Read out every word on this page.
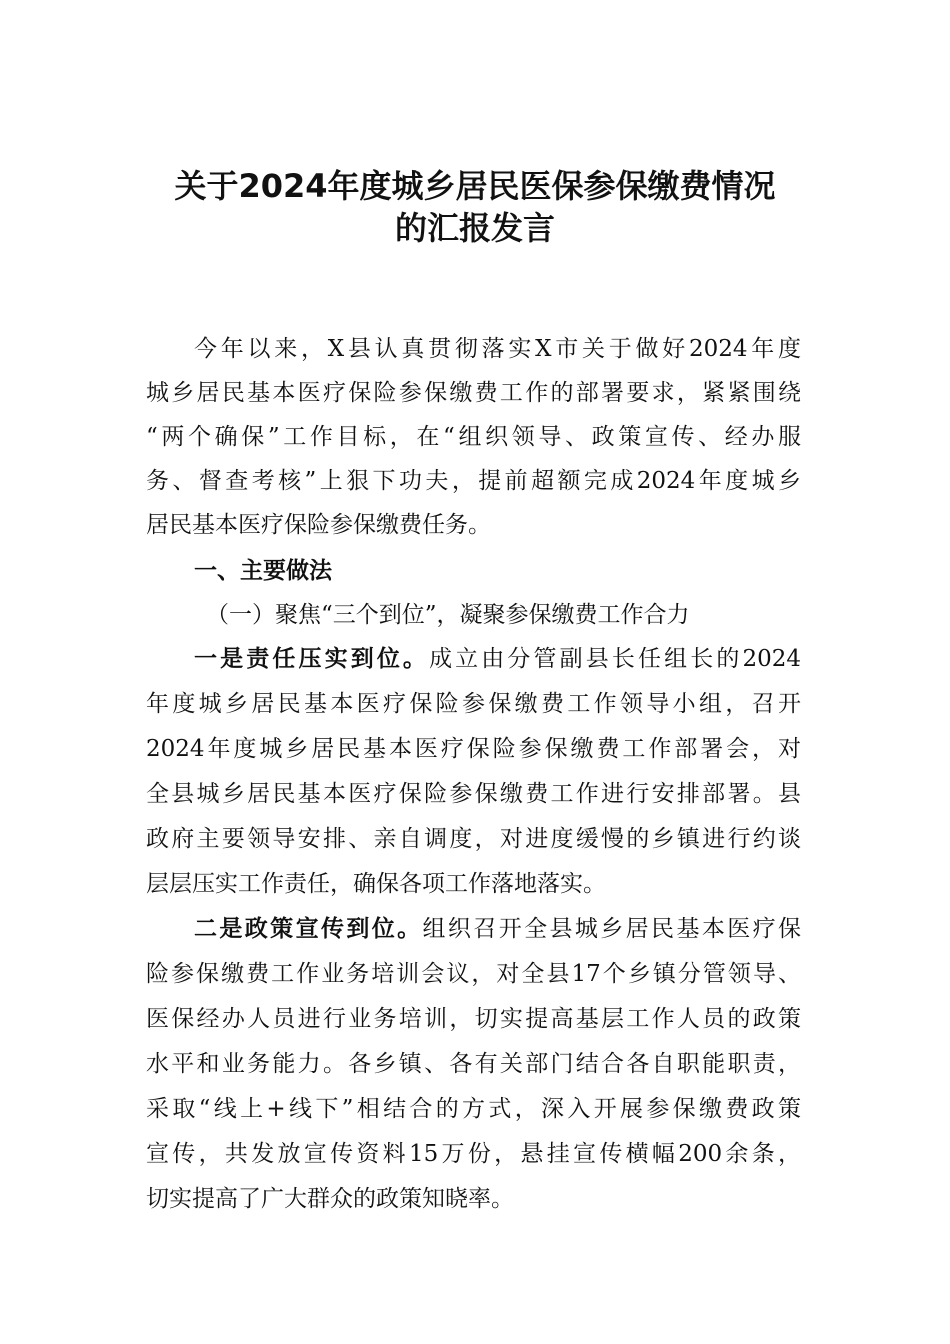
关于2024年度城乡居民医保参保缴费情况
的汇报发言
今年以来，X县认真贯彻落实X市关于做好2024年度
城乡居民基本医疗保险参保缴费工作的部署要求，紧紧围绕
“两个确保”工作目标，在“组织领导、政策宣传、经办服
务、督查考核”上狠下功夫，提前超额完成2024年度城乡
居民基本医疗保险参保缴费任务。
一、主要做法
（一）聚焦“三个到位”，凝聚参保缴费工作合力
一是责任压实到位。成立由分管副县长任组长的2024
年度城乡居民基本医疗保险参保缴费工作领导小组，召开
2024年度城乡居民基本医疗保险参保缴费工作部署会，对
全县城乡居民基本医疗保险参保缴费工作进行安排部署。县
政府主要领导安排、亲自调度，对进度缓慢的乡镇进行约谈
层层压实工作责任，确保各项工作落地落实。
二是政策宣传到位。组织召开全县城乡居民基本医疗保
险参保缴费工作业务培训会议，对全县17个乡镇分管领导、
医保经办人员进行业务培训，切实提高基层工作人员的政策
水平和业务能力。各乡镇、各有关部门结合各自职能职责，
采取“线上+线下”相结合的方式，深入开展参保缴费政策
宣传，共发放宣传资料15万份，悬挂宣传横幅200余条，
切实提高了广大群众的政策知晓率。
